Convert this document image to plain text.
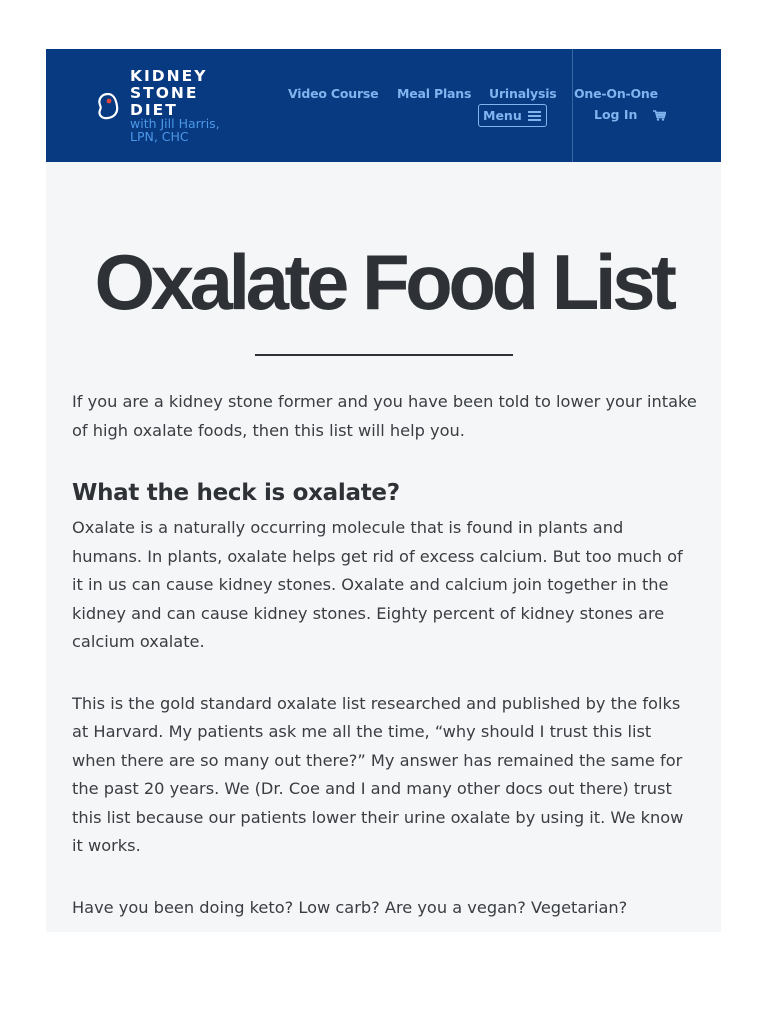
KIDNEY
STONE
DIET
with Jill Harris, LPN, CHC
Video Course Meal Plans Urinalysis One-On-One
Menu	Log In
Oxalate Food List

If you are a kidney stone former and you have been told to lower your intake of high oxalate foods, then this list will help you.

What the heck is oxalate?

Oxalate is a naturally occurring molecule that is found in plants and humans. In plants, oxalate helps get rid of excess calcium. But too much of it in us can cause kidney stones. Oxalate and calcium join together in the kidney and can cause kidney stones. Eighty percent of kidney stones are calcium oxalate.

This is the gold standard oxalate list researched and published by the folks at Harvard. My patients ask me all the time, “why should I trust this list when there are so many out there?” My answer has remained the same for the past 20 years. We (Dr. Coe and I and many other docs out there) trust this list because our patients lower their urine oxalate by using it. We know it works.

Have you been doing keto? Low carb? Are you a vegan? Vegetarian?
